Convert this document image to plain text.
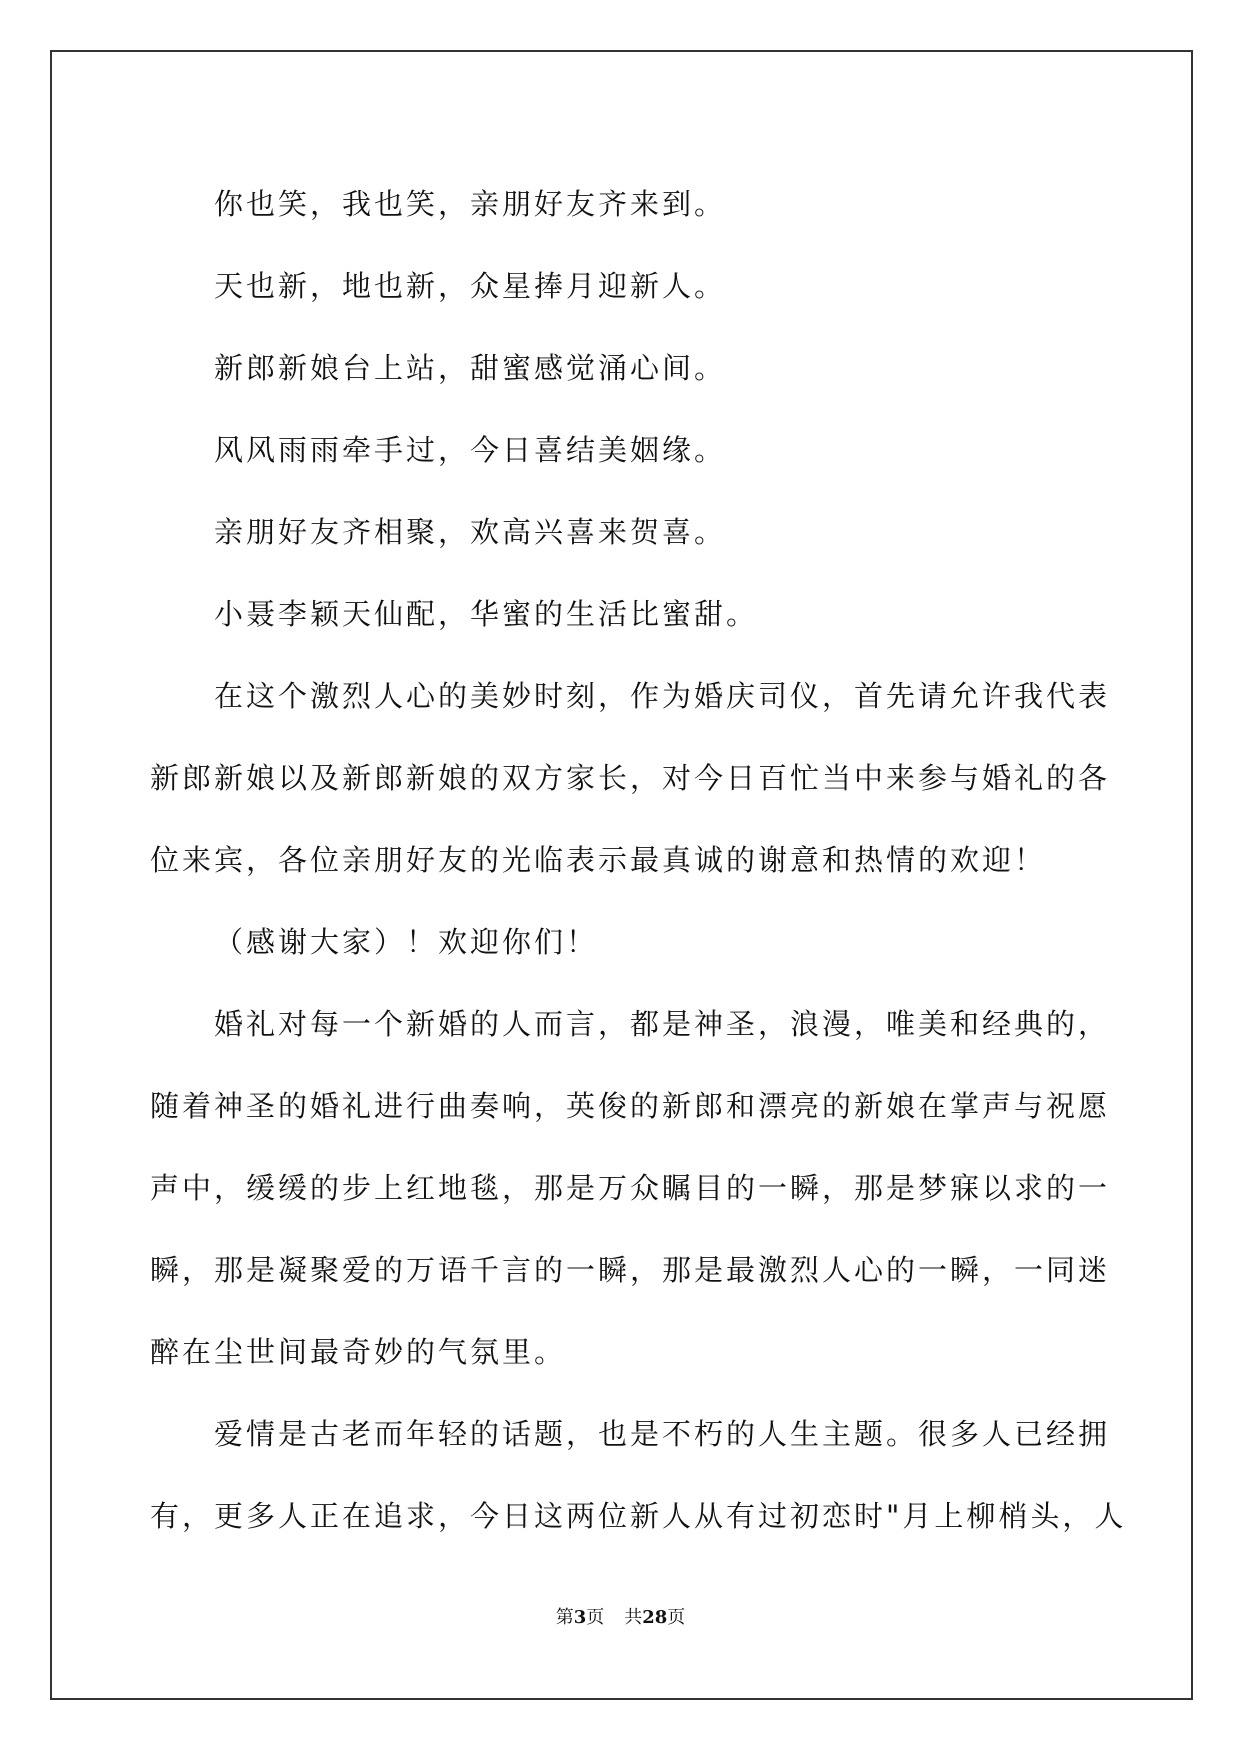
你也笑，我也笑，亲朋好友齐来到。
天也新，地也新，众星捧月迎新人。
新郎新娘台上站，甜蜜感觉涌心间。
风风雨雨牵手过，今日喜结美姻缘。
亲朋好友齐相聚，欢高兴喜来贺喜。
小聂李颖天仙配，华蜜的生活比蜜甜。
在这个激烈人心的美妙时刻，作为婚庆司仪，首先请允许我代表
新郎新娘以及新郎新娘的双方家长，对今日百忙当中来参与婚礼的各
位来宾，各位亲朋好友的光临表示最真诚的谢意和热情的欢迎！
（感谢大家）！欢迎你们！
婚礼对每一个新婚的人而言，都是神圣，浪漫，唯美和经典的，
随着神圣的婚礼进行曲奏响，英俊的新郎和漂亮的新娘在掌声与祝愿
声中，缓缓的步上红地毯，那是万众瞩目的一瞬，那是梦寐以求的一
瞬，那是凝聚爱的万语千言的一瞬，那是最激烈人心的一瞬，一同迷
醉在尘世间最奇妙的气氛里。
爱情是古老而年轻的话题，也是不朽的人生主题。很多人已经拥
有，更多人正在追求，今日这两位新人从有过初恋时"月上柳梢头，人
第3页 共28页
